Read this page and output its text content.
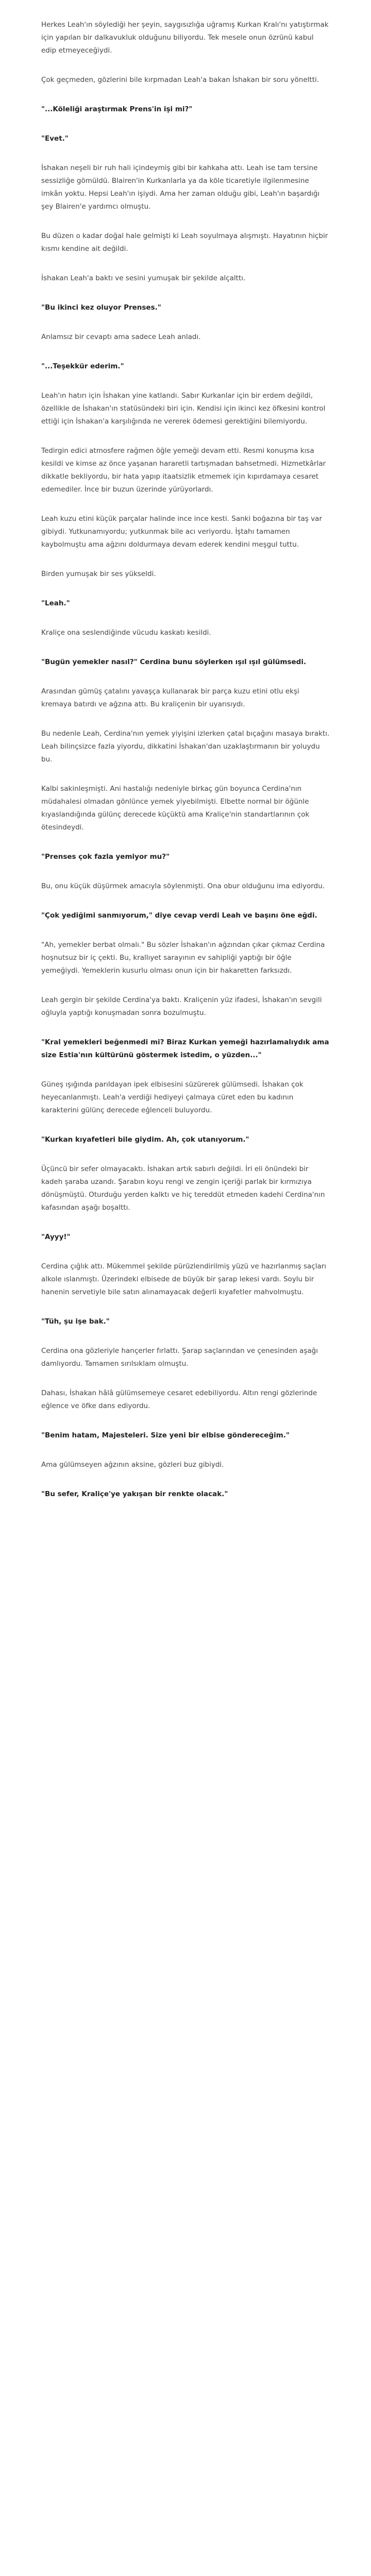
Herkes Leah'ın söylediği her şeyin, saygısızlığa uğramış Kurkan Kralı'nı yatıştırmak için yapılan bir dalkavukluk olduğunu biliyordu. Tek mesele onun özrünü kabul edip etmeyeceğiydi.

Çok geçmeden, gözlerini bile kırpmadan Leah'a bakan İshakan bir soru yöneltti.

"...Köleliği araştırmak Prens'in işi mi?"

"Evet."

İshakan neşeli bir ruh hali içindeymiş gibi bir kahkaha attı. Leah ise tam tersine sessizliğe gömüldü. Blairen'in Kurkanlarla ya da köle ticaretiyle ilgilenmesine imkân yoktu. Hepsi Leah'ın işiydi. Ama her zaman olduğu gibi, Leah'ın başardığı şey Blairen'e yardımcı olmuştu.

Bu düzen o kadar doğal hale gelmişti ki Leah soyulmaya alışmıştı. Hayatının hiçbir kısmı kendine ait değildi.

İshakan Leah'a baktı ve sesini yumuşak bir şekilde alçalttı.

"Bu ikinci kez oluyor Prenses."

Anlamsız bir cevaptı ama sadece Leah anladı.

"...Teşekkür ederim."

Leah'ın hatırı için İshakan yine katlandı. Sabır Kurkanlar için bir erdem değildi, özellikle de İshakan'ın statüsündeki biri için. Kendisi için ikinci kez öfkesini kontrol ettiği için İshakan'a karşılığında ne vererek ödemesi gerektiğini bilemiyordu.

Tedirgin edici atmosfere rağmen öğle yemeği devam etti. Resmi konuşma kısa kesildi ve kimse az önce yaşanan hararetli tartışmadan bahsetmedi. Hizmetkârlar dikkatle bekliyordu, bir hata yapıp itaatsizlik etmemek için kıpırdamaya cesaret edemediler. İnce bir buzun üzerinde yürüyorlardı.

Leah kuzu etini küçük parçalar halinde ince ince kesti. Sanki boğazına bir taş var gibiydi. Yutkunamıyordu; yutkunmak bile acı veriyordu. İştahı tamamen kaybolmuştu ama ağzını doldurmaya devam ederek kendini meşgul tuttu.

Birden yumuşak bir ses yükseldi.

"Leah."

Kraliçe ona seslendiğinde vücudu kaskatı kesildi.

"Bugün yemekler nasıl?" Cerdina bunu söylerken ışıl ışıl gülümsedi.

Arasından gümüş çatalını yavaşça kullanarak bir parça kuzu etini otlu ekşi kremaya batırdı ve ağzına attı. Bu kraliçenin bir uyarısıydı.

Bu nedenle Leah, Cerdina'nın yemek yiyişini izlerken çatal bıçağını masaya bıraktı. Leah bilinçsizce fazla yiyordu, dikkatini İshakan'dan uzaklaştırmanın bir yoluydu bu.

Kalbi sakinleşmişti. Ani hastalığı nedeniyle birkaç gün boyunca Cerdina'nın müdahalesi olmadan gönlünce yemek yiyebilmişti. Elbette normal bir öğünle kıyaslandığında gülünç derecede küçüktü ama Kraliçe'nin standartlarının çok ötesindeydi.

"Prenses çok fazla yemiyor mu?"

Bu, onu küçük düşürmek amacıyla söylenmişti. Ona obur olduğunu ima ediyordu.

"Çok yediğimi sanmıyorum," diye cevap verdi Leah ve başını öne eğdi.

"Ah, yemekler berbat olmalı." Bu sözler İshakan'ın ağzından çıkar çıkmaz Cerdina hoşnutsuz bir iç çekti. Bu, krallıyet sarayının ev sahipliği yaptığı bir öğle yemeğiydi. Yemeklerin kusurlu olması onun için bir hakaretten farksızdı.

Leah gergin bir şekilde Cerdina'ya baktı. Kraliçenin yüz ifadesi, İshakan'ın sevgili oğluyla yaptığı konuşmadan sonra bozulmuştu.

"Kral yemekleri beğenmedi mi? Biraz Kurkan yemeği hazırlamalıydık ama size Estia'nın kültürünü göstermek istedim, o yüzden..."

Güneş ışığında parıldayan ipek elbisesini süzürerek gülümsedi. İshakan çok heyecanlanmıştı. Leah'a verdiği hediyeyi çalmaya cüret eden bu kadının karakterini gülünç derecede eğlenceli buluyordu.

"Kurkan kıyafetleri bile giydim. Ah, çok utanıyorum."

Üçüncü bir sefer olmayacaktı. İshakan artık sabırlı değildi. İri eli önündeki bir kadeh şaraba uzandı. Şarabın koyu rengi ve zengin içeriği parlak bir kırmızıya dönüşmüştü. Oturduğu yerden kalktı ve hiç tereddüt etmeden kadehi Cerdina'nın kafasından aşağı boşalttı.

"Ayyy!"

Cerdina çığlık attı. Mükemmel şekilde pürüzlendirilmiş yüzü ve hazırlanmış saçları alkole ıslanmıştı. Üzerindeki elbisede de büyük bir şarap lekesi vardı. Soylu bir hanenin servetiyle bile satın alınamayacak değerli kıyafetler mahvolmuştu.

"Tüh, şu işe bak."

Cerdina ona gözleriyle hançerler fırlattı. Şarap saçlarından ve çenesinden aşağı damlıyordu. Tamamen sırılsıklam olmuştu.

Dahası, İshakan hâlâ gülümsemeye cesaret edebiliyordu. Altın rengi gözlerinde eğlence ve öfke dans ediyordu.

"Benim hatam, Majesteleri. Size yeni bir elbise göndereceğim."

Ama gülümseyen ağzının aksine, gözleri buz gibiydi.

"Bu sefer, Kraliçe'ye yakışan bir renkte olacak."
